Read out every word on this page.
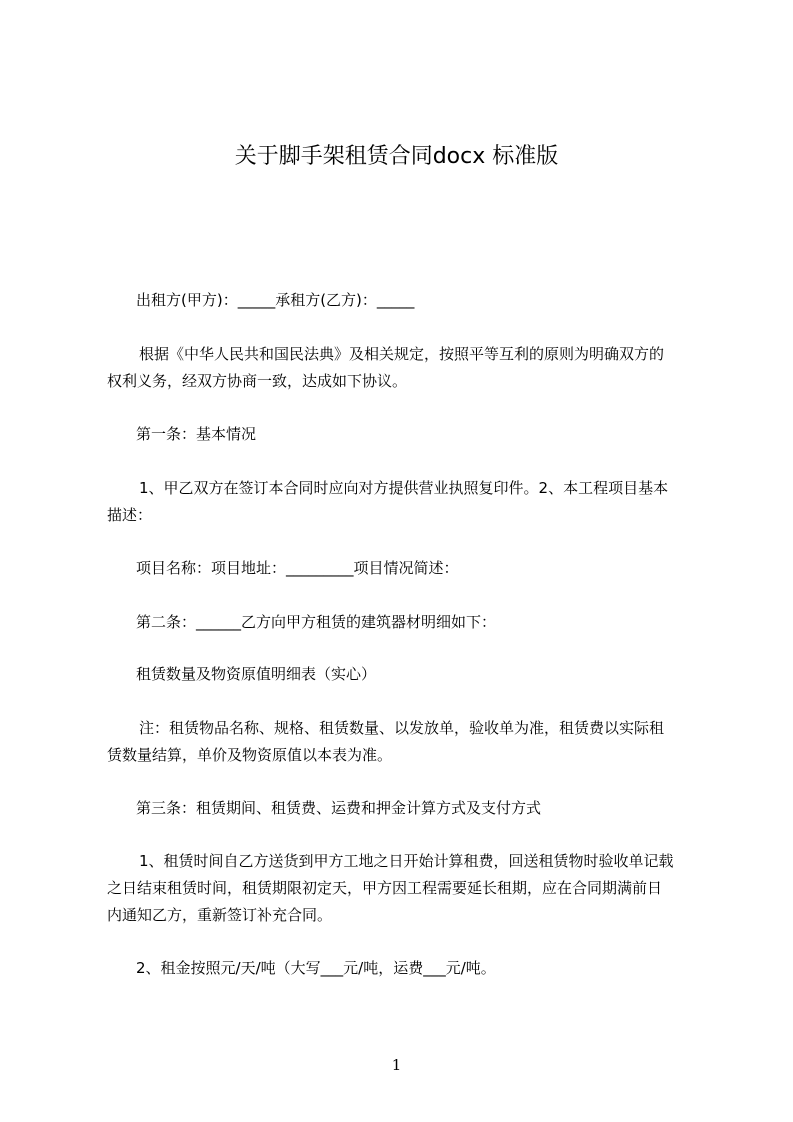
关于脚手架租赁合同docx 标准版

出租方(甲方)：_____承租方(乙方)：_____

根据《中华人民共和国民法典》及相关规定，按照平等互利的原则为明确双方的
权利义务，经双方协商一致，达成如下协议。

第一条：基本情况

1、甲乙双方在签订本合同时应向对方提供营业执照复印件。2、本工程项目基本
描述：

项目名称：项目地址：_________项目情况简述：

第二条：______乙方向甲方租赁的建筑器材明细如下：

租赁数量及物资原值明细表（实心）

注：租赁物品名称、规格、租赁数量、以发放单，验收单为准，租赁费以实际租
赁数量结算，单价及物资原值以本表为准。

第三条：租赁期间、租赁费、运费和押金计算方式及支付方式

1、租赁时间自乙方送货到甲方工地之日开始计算租费，回送租赁物时验收单记载
之日结束租赁时间，租赁期限初定天，甲方因工程需要延长租期，应在合同期满前日
内通知乙方，重新签订补充合同。

2、租金按照元/天/吨（大写___元/吨，运费___元/吨。

1
